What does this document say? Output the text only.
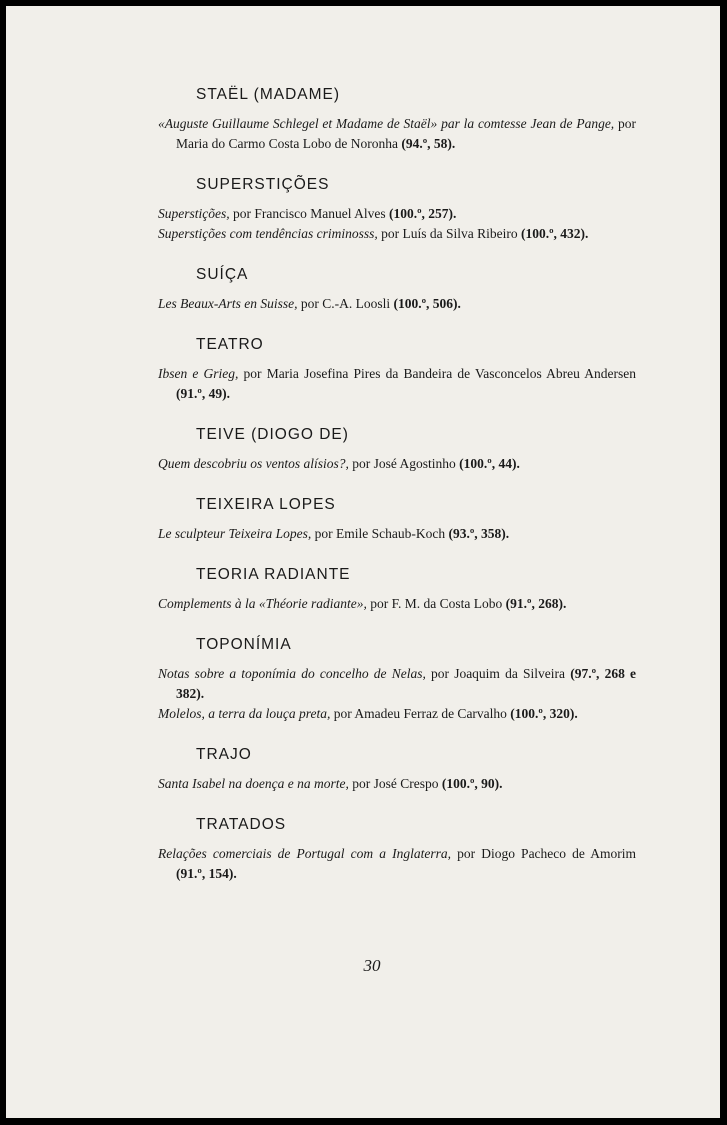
STAËL (MADAME)

«Auguste Guillaume Schlegel et Madame de Staël» par la comtesse Jean de Pange, por Maria do Carmo Costa Lobo de Noronha (94.º, 58).

SUPERSTIÇÕES

Superstições, por Francisco Manuel Alves (100.º, 257).

Superstições com tendências criminosss, por Luís da Silva Ribeiro (100.º, 432).

SUÍÇA

Les Beaux-Arts en Suisse, por C.-A. Loosli (100.º, 506).

TEATRO

Ibsen e Grieg, por Maria Josefina Pires da Bandeira de Vasconcelos Abreu Andersen (91.º, 49).

TEIVE (DIOGO DE)

Quem descobriu os ventos alísios?, por José Agostinho (100.º, 44).

TEIXEIRA LOPES

Le sculpteur Teixeira Lopes, por Emile Schaub-Koch (93.º, 358).

TEORIA RADIANTE

Complements à la «Théorie radiante», por F. M. da Costa Lobo (91.º, 268).

TOPONÍMIA

Notas sobre a toponímia do concelho de Nelas, por Joaquim da Silveira (97.º, 268 e 382).

Molelos, a terra da louça preta, por Amadeu Ferraz de Carvalho (100.º, 320).

TRAJO

Santa Isabel na doença e na morte, por José Crespo (100.º, 90).

TRATADOS

Relações comerciais de Portugal com a Inglaterra, por Diogo Pacheco de Amorim (91.º, 154).

30
